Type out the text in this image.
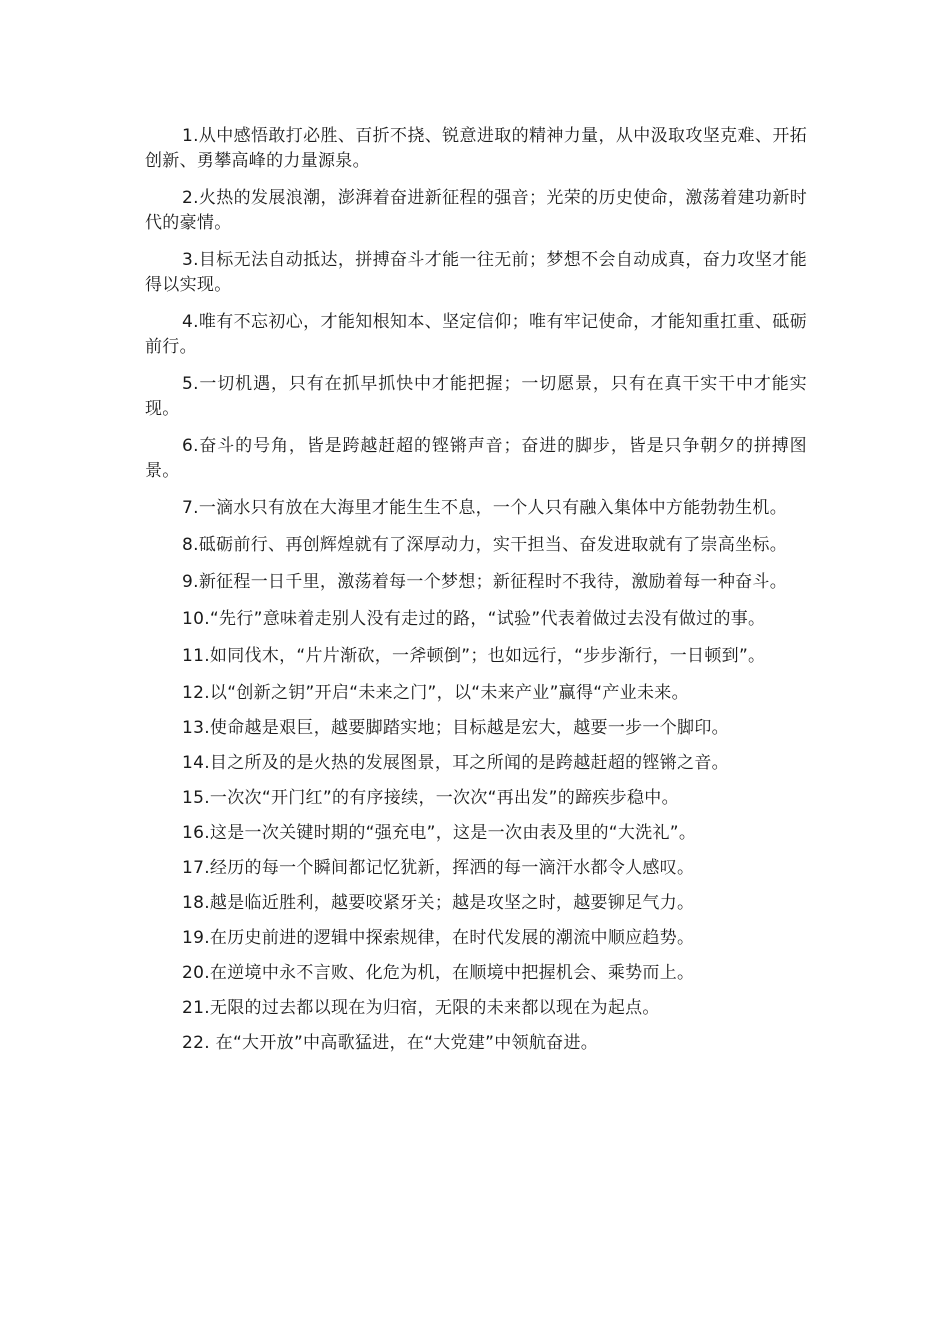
1.从中感悟敢打必胜、百折不挠、锐意进取的精神力量，从中汲取攻坚克难、开拓创新、勇攀高峰的力量源泉。

2.火热的发展浪潮，澎湃着奋进新征程的强音；光荣的历史使命，激荡着建功新时代的豪情。

3.目标无法自动抵达，拼搏奋斗才能一往无前；梦想不会自动成真，奋力攻坚才能得以实现。

4.唯有不忘初心，才能知根知本、坚定信仰；唯有牢记使命，才能知重扛重、砥砺前行。

5.一切机遇，只有在抓早抓快中才能把握；一切愿景，只有在真干实干中才能实现。

6.奋斗的号角，皆是跨越赶超的铿锵声音；奋进的脚步，皆是只争朝夕的拼搏图景。

7.一滴水只有放在大海里才能生生不息，一个人只有融入集体中方能勃勃生机。

8.砥砺前行、再创辉煌就有了深厚动力，实干担当、奋发进取就有了崇高坐标。

9.新征程一日千里，激荡着每一个梦想；新征程时不我待，激励着每一种奋斗。

10.“先行”意味着走别人没有走过的路，“试验”代表着做过去没有做过的事。

11.如同伐木，“片片渐砍，一斧顿倒”；也如远行，“步步渐行，一日顿到”。

12.以“创新之钥”开启“未来之门”，以“未来产业”赢得“产业未来。

13.使命越是艰巨，越要脚踏实地；目标越是宏大，越要一步一个脚印。

14.目之所及的是火热的发展图景，耳之所闻的是跨越赶超的铿锵之音。

15.一次次“开门红”的有序接续，一次次“再出发”的蹄疾步稳中。

16.这是一次关键时期的“强充电”，这是一次由表及里的“大洗礼”。

17.经历的每一个瞬间都记忆犹新，挥洒的每一滴汗水都令人感叹。

18.越是临近胜利，越要咬紧牙关；越是攻坚之时，越要铆足气力。

19.在历史前进的逻辑中探索规律，在时代发展的潮流中顺应趋势。

20.在逆境中永不言败、化危为机，在顺境中把握机会、乘势而上。

21.无限的过去都以现在为归宿，无限的未来都以现在为起点。

22. 在“大开放”中高歌猛进，在“大党建”中领航奋进。
